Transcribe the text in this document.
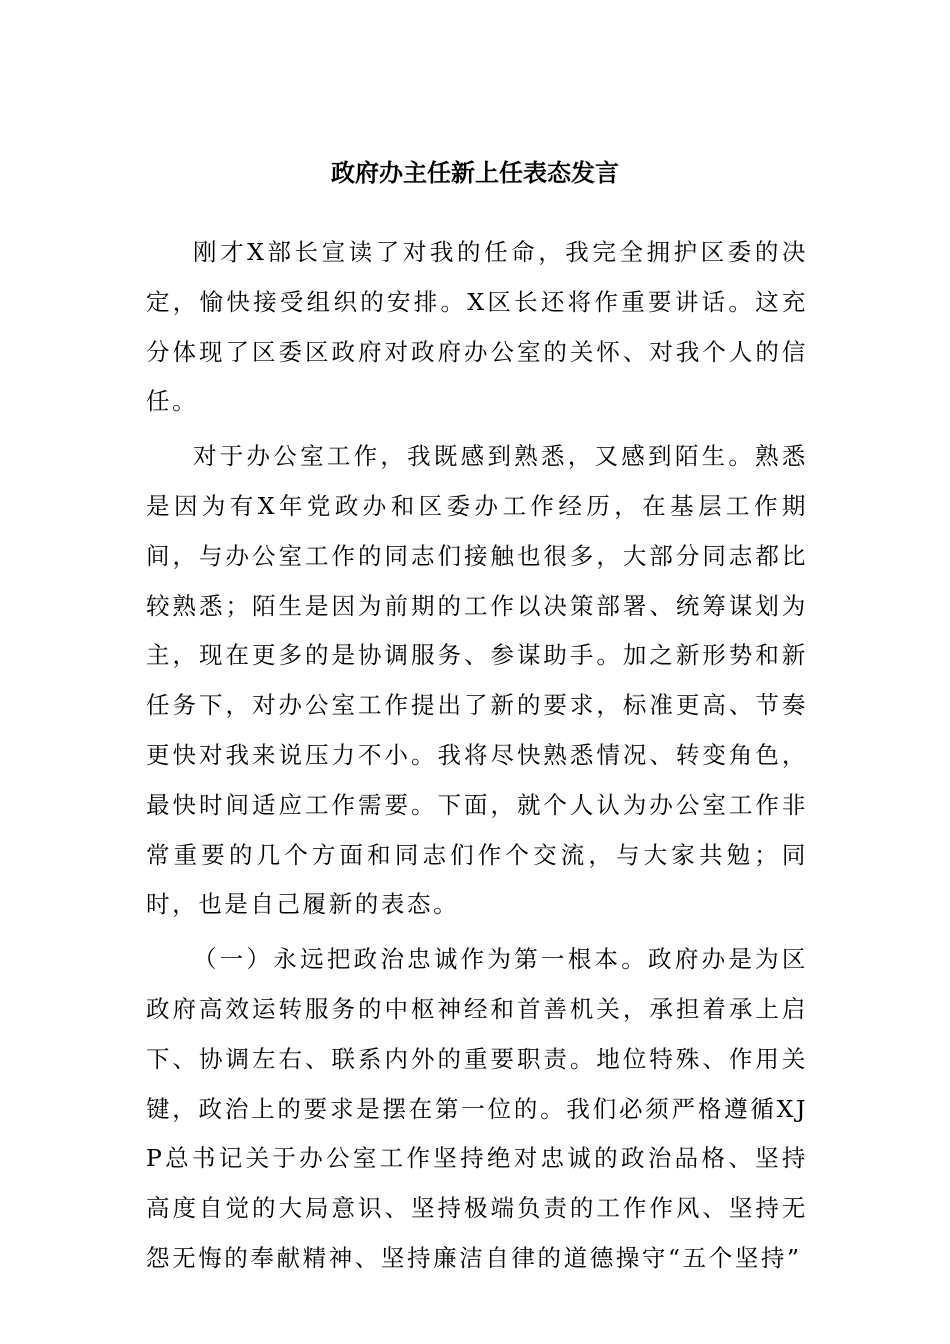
政府办主任新上任表态发言

刚才X部长宣读了对我的任命，我完全拥护区委的决定，愉快接受组织的安排。X区长还将作重要讲话。这充分体现了区委区政府对政府办公室的关怀、对我个人的信任。

对于办公室工作，我既感到熟悉，又感到陌生。熟悉是因为有X年党政办和区委办工作经历，在基层工作期间，与办公室工作的同志们接触也很多，大部分同志都比较熟悉；陌生是因为前期的工作以决策部署、统筹谋划为主，现在更多的是协调服务、参谋助手。加之新形势和新任务下，对办公室工作提出了新的要求，标准更高、节奏更快对我来说压力不小。我将尽快熟悉情况、转变角色，最快时间适应工作需要。下面，就个人认为办公室工作非常重要的几个方面和同志们作个交流，与大家共勉；同时，也是自己履新的表态。

（一）永远把政治忠诚作为第一根本。政府办是为区政府高效运转服务的中枢神经和首善机关，承担着承上启下、协调左右、联系内外的重要职责。地位特殊、作用关键，政治上的要求是摆在第一位的。我们必须严格遵循XJP总书记关于办公室工作坚持绝对忠诚的政治品格、坚持高度自觉的大局意识、坚持极端负责的工作作风、坚持无怨无悔的奉献精神、坚持廉洁自律的道德操守“五个坚持”
